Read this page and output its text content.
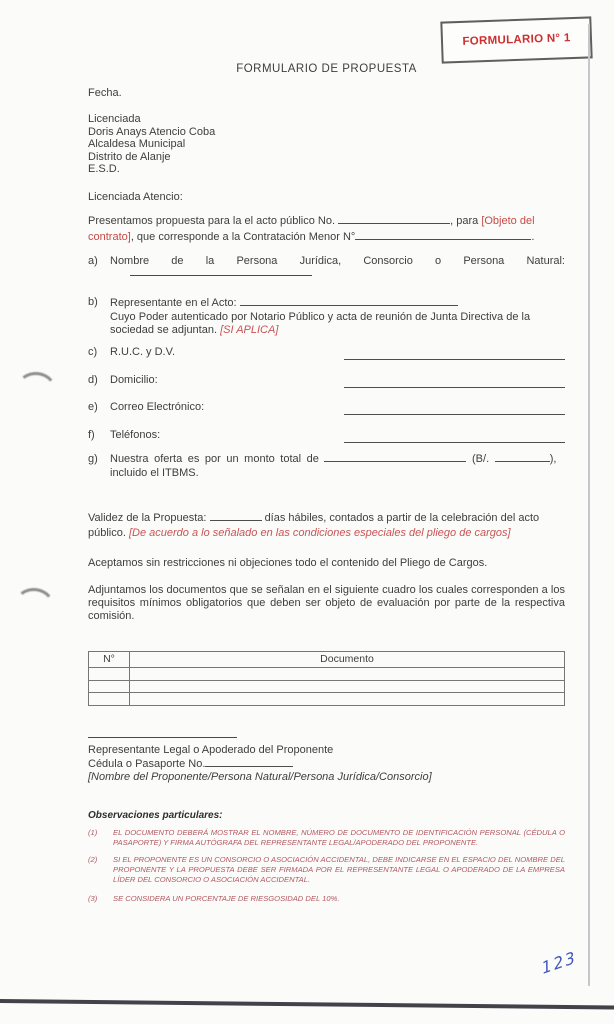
FORMULARIO N° 1
123
FORMULARIO DE PROPUESTA
Fecha.
Licenciada
Doris Anays Atencio Coba
Alcaldesa Municipal
Distrito de Alanje
E.S.D.
Licenciada Atencio:

Presentamos propuesta para la el acto público No.	, para [Objeto del contrato], que corresponde a la Contratación Menor N°	.

a) Nombre de la Persona Jurídica, Consorcio o Persona Natural:
b) Representante en el Acto:
Cuyo Poder autenticado por Notario Público y acta de reunión de Junta Directiva de la sociedad se adjuntan. [SI APLICA]
c) R.U.C. y D.V.
d) Domicilio:
e) Correo Electrónico:
f) Teléfonos:
g) Nuestra oferta es por un monto total de	(B/.	),
incluido el ITBMS.

Validez de la Propuesta:	días hábiles, contados a partir de la celebración del acto público. [De acuerdo a lo señalado en las condiciones especiales del pliego de cargos]

Aceptamos sin restricciones ni objeciones todo el contenido del Pliego de Cargos.

Adjuntamos los documentos que se señalan en el siguiente cuadro los cuales corresponden a los requisitos mínimos obligatorios que deben ser objeto de evaluación por parte de la respectiva comisión.

N°	Documento

Representante Legal o Apoderado del Proponente
Cédula o Pasaporte No.
[Nombre del Proponente/Persona Natural/Persona Jurídica/Consorcio]
Observaciones particulares:
(1)	EL DOCUMENTO DEBERÁ MOSTRAR EL NOMBRE, NÚMERO DE DOCUMENTO DE IDENTIFICACIÓN PERSONAL (CÉDULA O PASAPORTE) Y FIRMA AUTÓGRAFA DEL REPRESENTANTE LEGAL/APODERADO DEL PROPONENTE.
(2)	SI EL PROPONENTE ES UN CONSORCIO O ASOCIACIÓN ACCIDENTAL, DEBE INDICARSE EN EL ESPACIO DEL NOMBRE DEL PROPONENTE Y LA PROPUESTA DEBE SER FIRMADA POR EL REPRESENTANTE LEGAL O APODERADO DE LA EMPRESA LÍDER DEL CONSORCIO O ASOCIACIÓN ACCIDENTAL.
(3)	SE CONSIDERA UN PORCENTAJE DE RIESGOSIDAD DEL 10%.
